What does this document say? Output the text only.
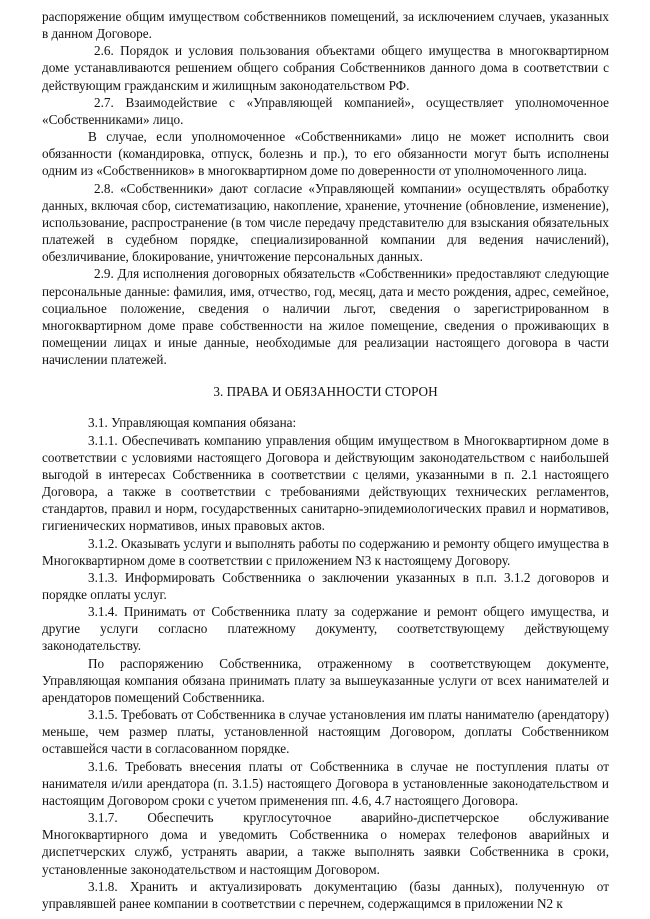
распоряжение общим имуществом собственников помещений, за исключением случаев, указанных в данном Договоре.

2.6. Порядок и условия пользования объектами общего имущества в многоквартирном доме устанавливаются решением общего собрания Собственников данного дома в соответствии с действующим гражданским и жилищным законодательством РФ.

2.7. Взаимодействие с «Управляющей компанией», осуществляет уполномоченное «Собственниками» лицо.

В случае, если уполномоченное «Собственниками» лицо не может исполнить свои обязанности (командировка, отпуск, болезнь и пр.), то его обязанности могут быть исполнены одним из «Собственников» в многоквартирном доме по доверенности от уполномоченного лица.

2.8. «Собственники» дают согласие «Управляющей компании» осуществлять обработку данных, включая сбор, систематизацию, накопление, хранение, уточнение (обновление, изменение), использование, распространение (в том числе передачу представителю для взыскания обязательных платежей в судебном порядке, специализированной компании для ведения начислений), обезличивание, блокирование, уничтожение персональных данных.

2.9. Для исполнения договорных обязательств «Собственники» предоставляют следующие персональные данные: фамилия, имя, отчество, год, месяц, дата и место рождения, адрес, семейное, социальное положение, сведения о наличии льгот, сведения о зарегистрированном в многоквартирном доме праве собственности на жилое помещение, сведения о проживающих в помещении лицах и иные данные, необходимые для реализации настоящего договора в части начислении платежей.

3. ПРАВА И ОБЯЗАННОСТИ СТОРОН

3.1. Управляющая компания обязана:

3.1.1. Обеспечивать компанию управления общим имуществом в Многоквартирном доме в соответствии с условиями настоящего Договора и действующим законодательством с наибольшей выгодой в интересах Собственника в соответствии с целями, указанными в п. 2.1 настоящего Договора, а также в соответствии с требованиями действующих технических регламентов, стандартов, правил и норм, государственных санитарно-эпидемиологических правил и нормативов, гигиенических нормативов, иных правовых актов.

3.1.2. Оказывать услуги и выполнять работы по содержанию и ремонту общего имущества в Многоквартирном доме в соответствии с приложением N3 к настоящему Договору.

3.1.3. Информировать Собственника о заключении указанных в п.п. 3.1.2 договоров и порядке оплаты услуг.

3.1.4. Принимать от Собственника плату за содержание и ремонт общего имущества, и другие услуги согласно платежному документу, соответствующему действующему законодательству.

По распоряжению Собственника, отраженному в соответствующем документе, Управляющая компания обязана принимать плату за вышеуказанные услуги от всех нанимателей и арендаторов помещений Собственника.

3.1.5. Требовать от Собственника в случае установления им платы нанимателю (арендатору) меньше, чем размер платы, установленной настоящим Договором, доплаты Собственником оставшейся части в согласованном порядке.

3.1.6. Требовать внесения платы от Собственника в случае не поступления платы от нанимателя и/или арендатора (п. 3.1.5) настоящего Договора в установленные законодательством и настоящим Договором сроки с учетом применения пп. 4.6, 4.7 настоящего Договора.

3.1.7. Обеспечить круглосуточное аварийно-диспетчерское обслуживание Многоквартирного дома и уведомить Собственника о номерах телефонов аварийных и диспетчерских служб, устранять аварии, а также выполнять заявки Собственника в сроки, установленные законодательством и настоящим Договором.

3.1.8. Хранить и актуализировать документацию (базы данных), полученную от управлявшей ранее компании в соответствии с перечнем, содержащимся в приложении N2 к
